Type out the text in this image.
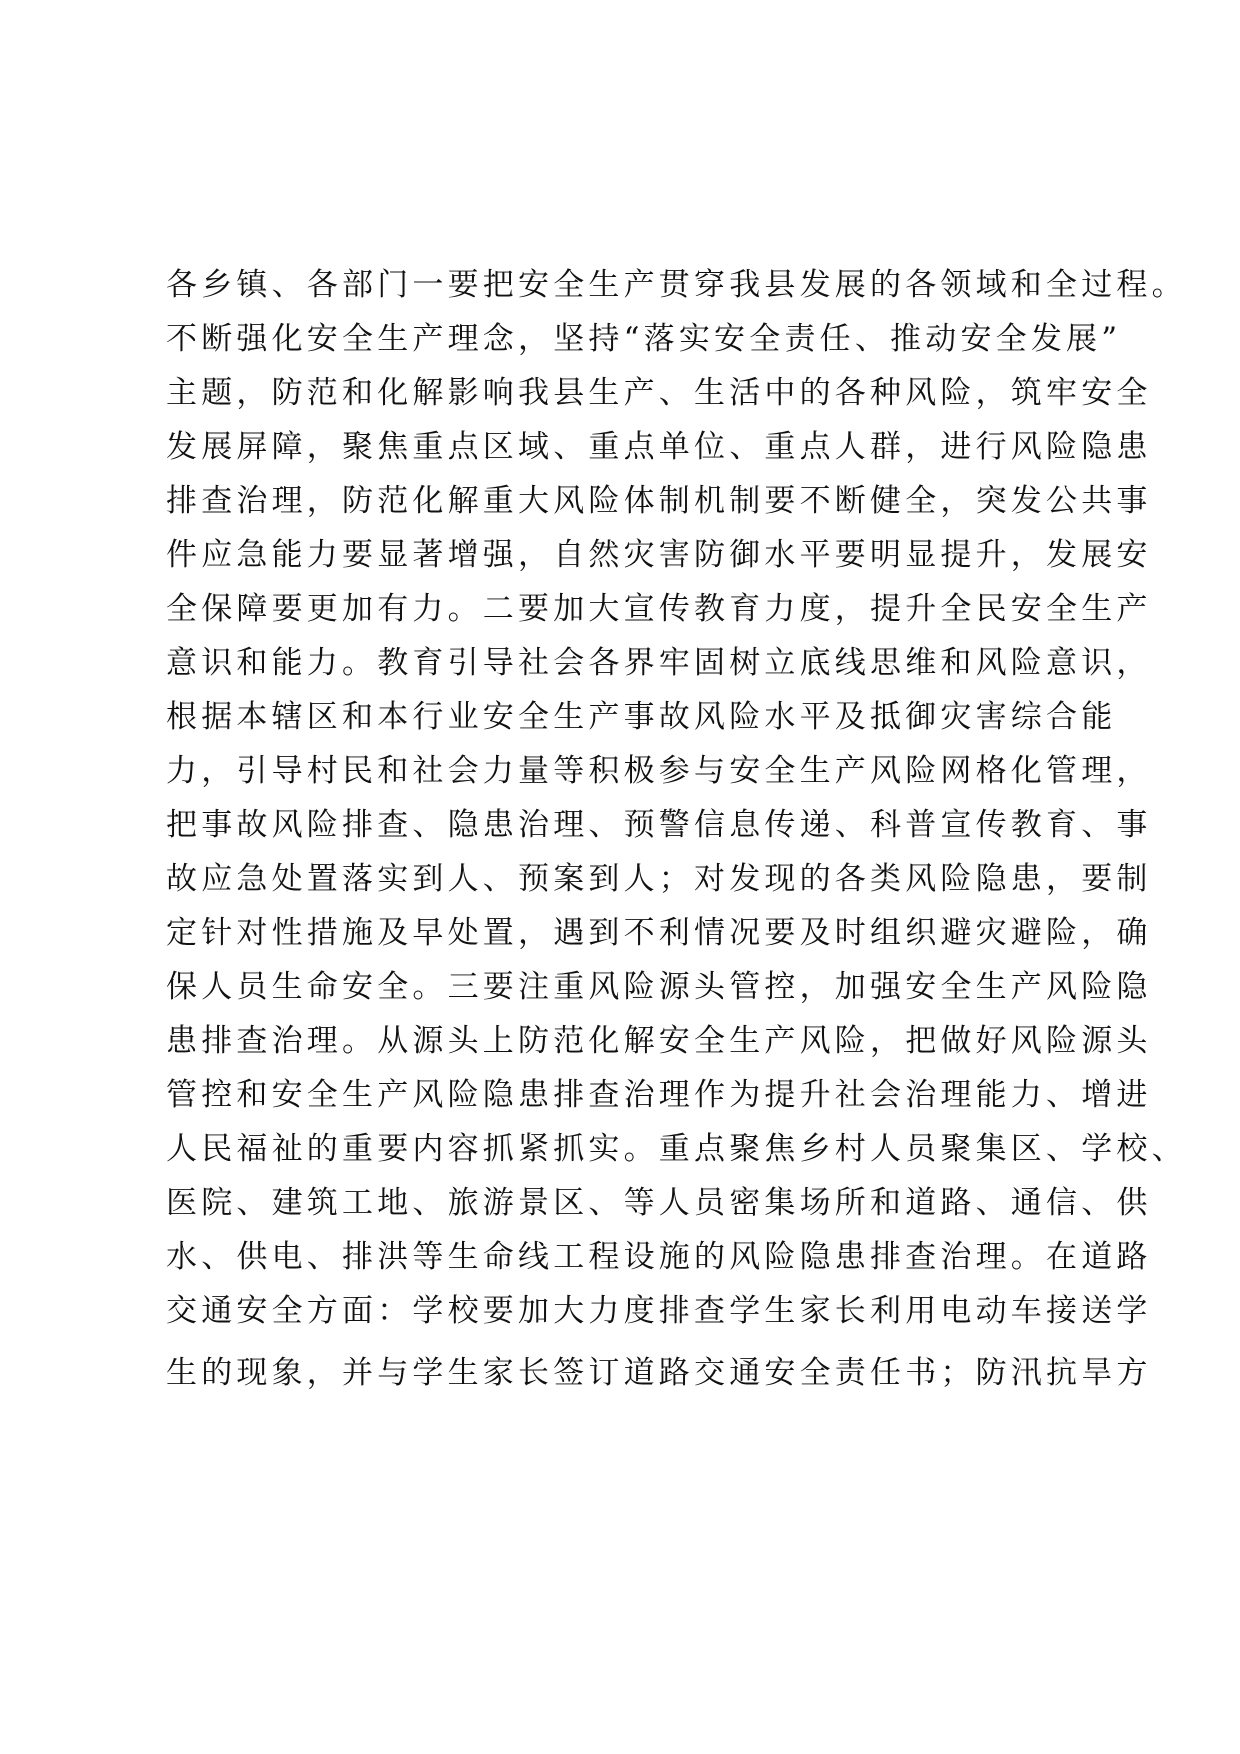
各乡镇、各部门一要把安全生产贯穿我县发展的各领域和全过程。
不断强化安全生产理念，坚持“落实安全责任、推动安全发展”
主题，防范和化解影响我县生产、生活中的各种风险，筑牢安全
发展屏障，聚焦重点区域、重点单位、重点人群，进行风险隐患
排查治理，防范化解重大风险体制机制要不断健全，突发公共事
件应急能力要显著增强，自然灾害防御水平要明显提升，发展安
全保障要更加有力。二要加大宣传教育力度，提升全民安全生产
意识和能力。教育引导社会各界牢固树立底线思维和风险意识，
根据本辖区和本行业安全生产事故风险水平及抵御灾害综合能
力，引导村民和社会力量等积极参与安全生产风险网格化管理，
把事故风险排查、隐患治理、预警信息传递、科普宣传教育、事
故应急处置落实到人、预案到人；对发现的各类风险隐患，要制
定针对性措施及早处置，遇到不利情况要及时组织避灾避险，确
保人员生命安全。三要注重风险源头管控，加强安全生产风险隐
患排查治理。从源头上防范化解安全生产风险，把做好风险源头
管控和安全生产风险隐患排查治理作为提升社会治理能力、增进
人民福祉的重要内容抓紧抓实。重点聚焦乡村人员聚集区、学校、
医院、建筑工地、旅游景区、等人员密集场所和道路、通信、供
水、供电、排洪等生命线工程设施的风险隐患排查治理。在道路
交通安全方面：学校要加大力度排查学生家长利用电动车接送学
生的现象，并与学生家长签订道路交通安全责任书；防汛抗旱方
